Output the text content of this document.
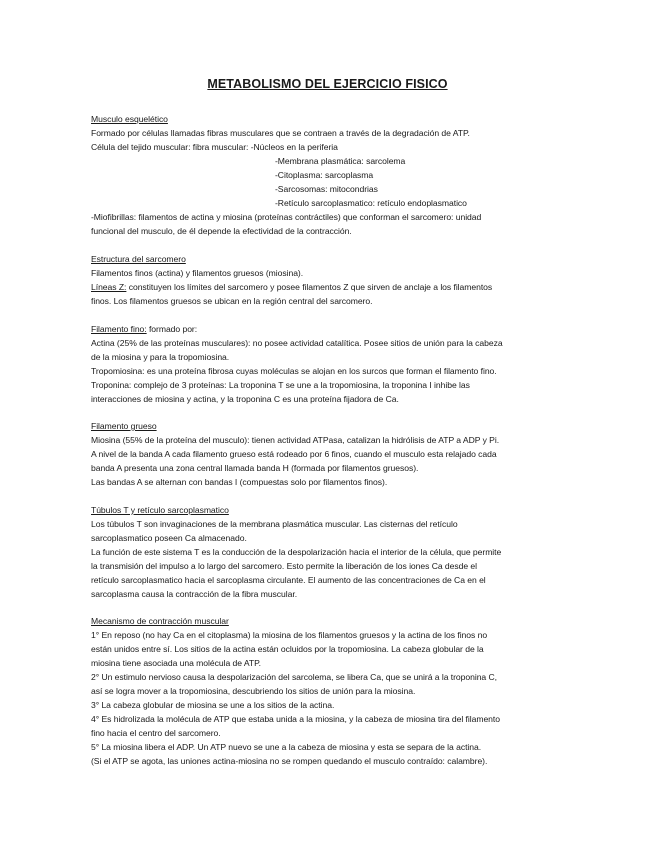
METABOLISMO DEL EJERCICIO FISICO
Musculo esquelético
Formado por células llamadas fibras musculares que se contraen a través de la degradación de ATP.
Célula del tejido muscular: fibra muscular: -Núcleos en la periferia
-Membrana plasmática: sarcolema
-Citoplasma: sarcoplasma
-Sarcosomas: mitocondrias
-Retículo sarcoplasmatico: retículo endoplasmatico
-Miofibrillas: filamentos de actina y miosina (proteínas contráctiles) que conforman el sarcomero: unidad
funcional del musculo, de él depende la efectividad de la contracción.
Estructura del sarcomero
Filamentos finos (actina) y filamentos gruesos (miosina).
Líneas Z: constituyen los límites del sarcomero y posee filamentos Z que sirven de anclaje a los filamentos
finos. Los filamentos gruesos se ubican en la región central del sarcomero.
Filamento fino: formado por:
Actina (25% de las proteínas musculares): no posee actividad catalítica. Posee sitios de unión para la cabeza
de la miosina y para la tropomiosina.
Tropomiosina: es una proteína fibrosa cuyas moléculas se alojan en los surcos que forman el filamento fino.
Troponina: complejo de 3 proteínas: La troponina T se une a la tropomiosina, la troponina I inhibe las
interacciones de miosina y actina, y la troponina C es una proteína fijadora de Ca.
Filamento grueso
Miosina (55% de la proteína del musculo): tienen actividad ATPasa, catalizan la hidrólisis de ATP a ADP y Pi.
A nivel de la banda A cada filamento grueso está rodeado por 6 finos, cuando el musculo esta relajado cada
banda A presenta una zona central llamada banda H (formada por filamentos gruesos).
Las bandas A se alternan con bandas I (compuestas solo por filamentos finos).
Túbulos T y retículo sarcoplasmatico
Los túbulos T son invaginaciones de la membrana plasmática muscular. Las cisternas del retículo
sarcoplasmatico poseen Ca almacenado.
La función de este sistema T es la conducción de la despolarización hacia el interior de la célula, que permite
la transmisión del impulso a lo largo del sarcomero. Esto permite la liberación de los iones Ca desde el
retículo sarcoplasmatico hacia el sarcoplasma circulante. El aumento de las concentraciones de Ca en el
sarcoplasma causa la contracción de la fibra muscular.
Mecanismo de contracción muscular
1° En reposo (no hay Ca en el citoplasma) la miosina de los filamentos gruesos y la actina de los finos no
están unidos entre sí. Los sitios de la actina están ocluidos por la tropomiosina. La cabeza globular de la
miosina tiene asociada una molécula de ATP.
2° Un estimulo nervioso causa la despolarización del sarcolema, se libera Ca, que se unirá a la troponina C,
así se logra mover a la tropomiosina, descubriendo los sitios de unión para la miosina.
3° La cabeza globular de miosina se une a los sitios de la actina.
4° Es hidrolizada la molécula de ATP que estaba unida a la miosina, y la cabeza de miosina tira del filamento
fino hacia el centro del sarcomero.
5° La miosina libera el ADP. Un ATP nuevo se une a la cabeza de miosina y esta se separa de la actina.
(Si el ATP se agota, las uniones actina-miosina no se rompen quedando el musculo contraído: calambre).
